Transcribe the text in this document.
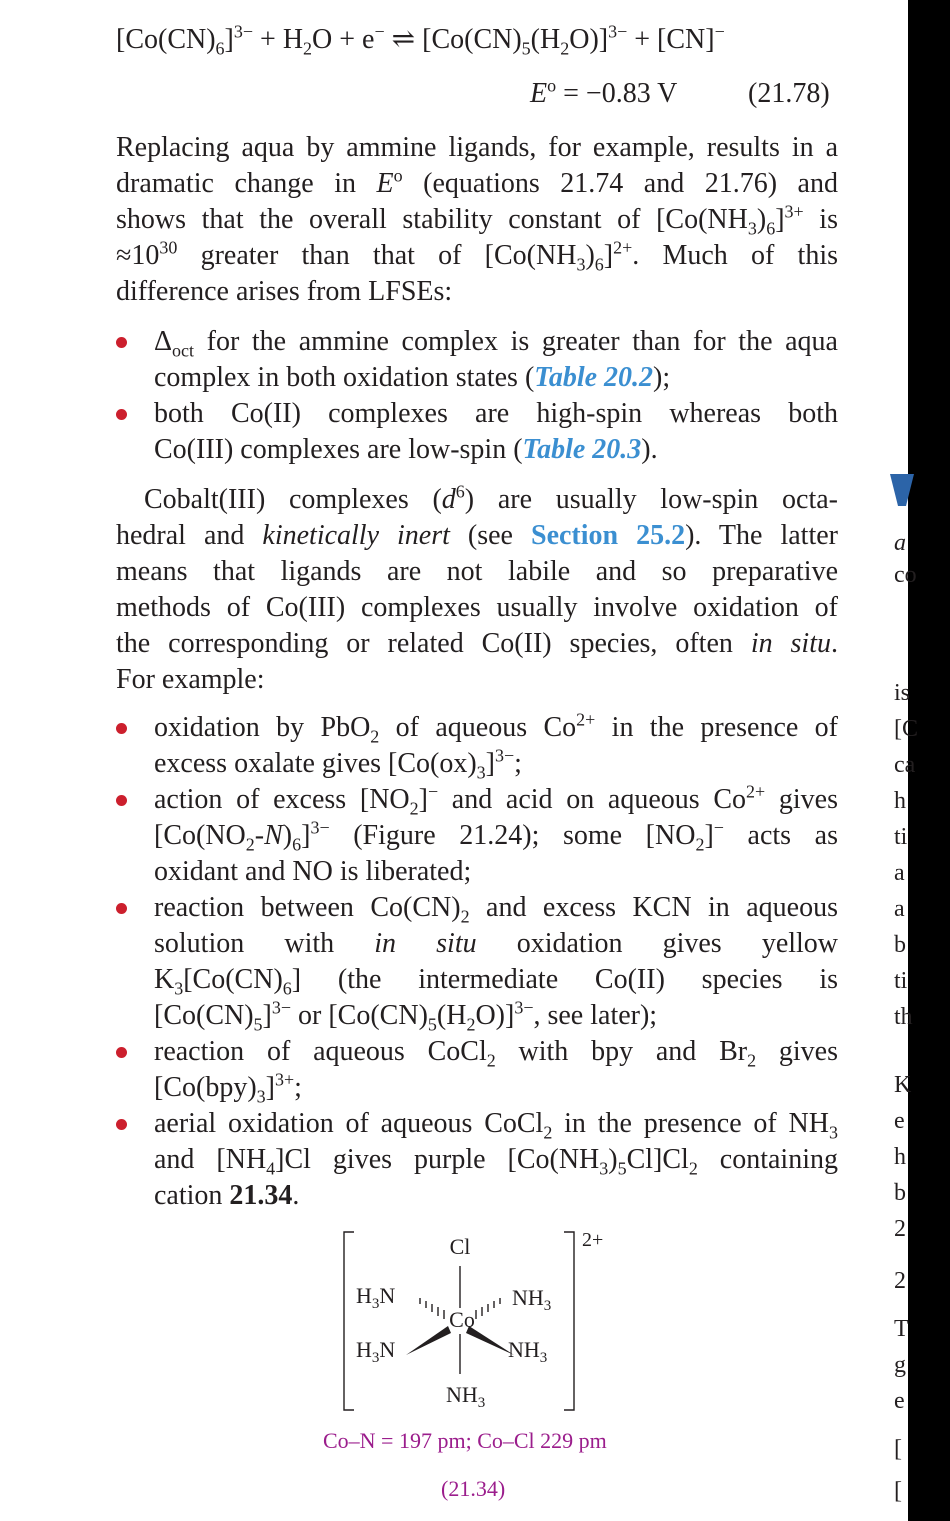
$[Co(CN)_6]^{3-} + H_2O + e^-$ ⇌ $[Co(CN)_5(H_2O)]^{3-} + [CN]^-$
$E^o = -0.83$ V	(21.78)
Replacing aqua by ammine ligands, for example, results in a
dramatic change in $E^o$ (equations 21.74 and 21.76) and
shows that the overall stability constant of $[Co(NH_3)_6]^{3+}$ is
$\approx 10^{30}$ greater than that of $[Co(NH_3)_6]^{2+}$. Much of this
difference arises from LFSEs:
$\Delta_{oct}$ for the ammine complex is greater than for the aqua
complex in both oxidation states (Table 20.2);
both Co(II) complexes are high-spin whereas both
Co(III) complexes are low-spin (Table 20.3).
Cobalt(III) complexes $(d^6)$ are usually low-spin octa-
hedral and kinetically inert (see Section 25.2). The latter
means that ligands are not labile and so preparative
methods of Co(III) complexes usually involve oxidation of
the corresponding or related Co(II) species, often in situ.
For example:
oxidation by PbO$_2$ of aqueous $Co^{2+}$ in the presence of
excess oxalate gives $[Co(ox)_3]^{3-}$;
action of excess $[NO_2]^-$ and acid on aqueous $Co^{2+}$ gives
$[Co(NO_2-N)_6]^{3-}$ (Figure 21.24); some $[NO_2]^-$ acts as
oxidant and NO is liberated;
reaction between $Co(CN)_2$ and excess KCN in aqueous
solution with in situ oxidation gives yellow
$K_3[Co(CN)_6]$ (the intermediate Co(II) species is
$[Co(CN)_5]^{3-}$ or $[Co(CN)_5(H_2O)]^{3-}$, see later);
reaction of aqueous CoCl$_2$ with bpy and $Br_2$ gives
$[Co(bpy)_3]^{3+}$;
aerial oxidation of aqueous CoCl$_2$ in the presence of $NH_3$
and $[NH_4]Cl$ gives purple $[Co(NH_3)_5Cl]Cl_2$ containing
cation 21.34.
Cl
Co
$H_3N$
$H_3N$
$NH_3$
$NH_3$
$NH_3$
2+
Co–N = 197 pm; Co–Cl 229 pm
(21.34)
a
co
is
[C
ca
h
ti
a
a
b
ti
th
K
e
h
b
2
2
T
g
e
[
[
